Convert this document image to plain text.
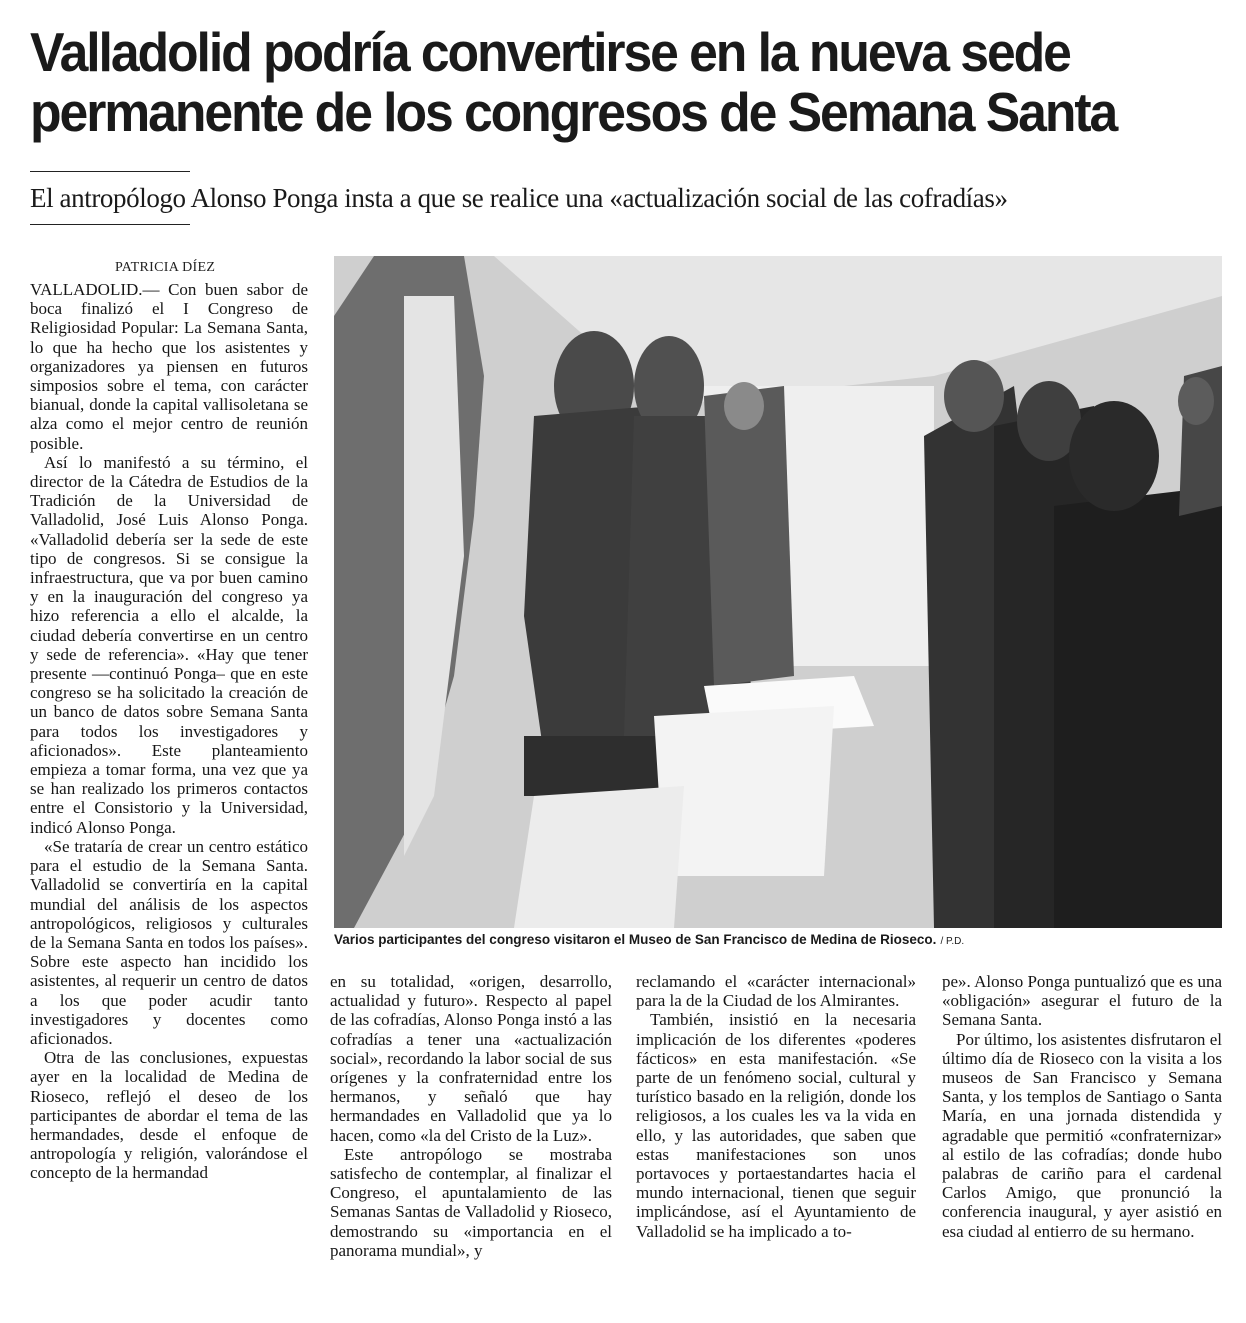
Valladolid podría convertirse en la nueva sede
permanente de los congresos de Semana Santa
El antropólogo Alonso Ponga insta a que se realice una «actualización social de las cofradías»
PATRICIA DÍEZ

VALLADOLID.— Con buen sabor de boca finalizó el I Congreso de Religiosidad Popular: La Semana Santa, lo que ha hecho que los asistentes y organizadores ya piensen en futuros simposios sobre el tema, con carácter bianual, donde la capital vallisoletana se alza como el mejor centro de reunión posible.

Así lo manifestó a su término, el director de la Cátedra de Estudios de la Tradición de la Universidad de Valladolid, José Luis Alonso Ponga. «Valladolid debería ser la sede de este tipo de congresos. Si se consigue la infraestructura, que va por buen camino y en la inauguración del congreso ya hizo referencia a ello el alcalde, la ciudad debería convertirse en un centro y sede de referencia». «Hay que tener presente —continuó Ponga– que en este congreso se ha solicitado la creación de un banco de datos sobre Semana Santa para todos los investigadores y aficionados». Este planteamiento empieza a tomar forma, una vez que ya se han realizado los primeros contactos entre el Consistorio y la Universidad, indicó Alonso Ponga.

«Se trataría de crear un centro estático para el estudio de la Semana Santa. Valladolid se convertiría en la capital mundial del análisis de los aspectos antropológicos, religiosos y culturales de la Semana Santa en todos los países». Sobre este aspecto han incidido los asistentes, al requerir un centro de datos a los que poder acudir tanto investigadores y docentes como aficionados.

Otra de las conclusiones, expuestas ayer en la localidad de Medina de Rioseco, reflejó el deseo de los participantes de abordar el tema de las hermandades, desde el enfoque de antropología y religión, valorándose el concepto de la hermandad

Varios participantes del congreso visitaron el Museo de San Francisco de Medina de Rioseco. / P.D.

en su totalidad, «origen, desarrollo, actualidad y futuro». Respecto al papel de las cofradías, Alonso Ponga instó a las cofradías a tener una «actualización social», recordando la labor social de sus orígenes y la confraternidad entre los hermanos, y señaló que hay hermandades en Valladolid que ya lo hacen, como «la del Cristo de la Luz».

Este antropólogo se mostraba satisfecho de contemplar, al finalizar el Congreso, el apuntalamiento de las Semanas Santas de Valladolid y Rioseco, demostrando su «importancia en el panorama mundial», y

reclamando el «carácter internacional» para la de la Ciudad de los Almirantes.

También, insistió en la necesaria implicación de los diferentes «poderes fácticos» en esta manifestación. «Se parte de un fenómeno social, cultural y turístico basado en la religión, donde los religiosos, a los cuales les va la vida en ello, y las autoridades, que saben que estas manifestaciones son unos portavoces y portaestandartes hacia el mundo internacional, tienen que seguir implicándose, así el Ayuntamiento de Valladolid se ha implicado a to-

pe». Alonso Ponga puntualizó que es una «obligación» asegurar el futuro de la Semana Santa.

Por último, los asistentes disfrutaron el último día de Rioseco con la visita a los museos de San Francisco y Semana Santa, y los templos de Santiago o Santa María, en una jornada distendida y agradable que permitió «confraternizar» al estilo de las cofradías; donde hubo palabras de cariño para el cardenal Carlos Amigo, que pronunció la conferencia inaugural, y ayer asistió en esa ciudad al entierro de su hermano.
